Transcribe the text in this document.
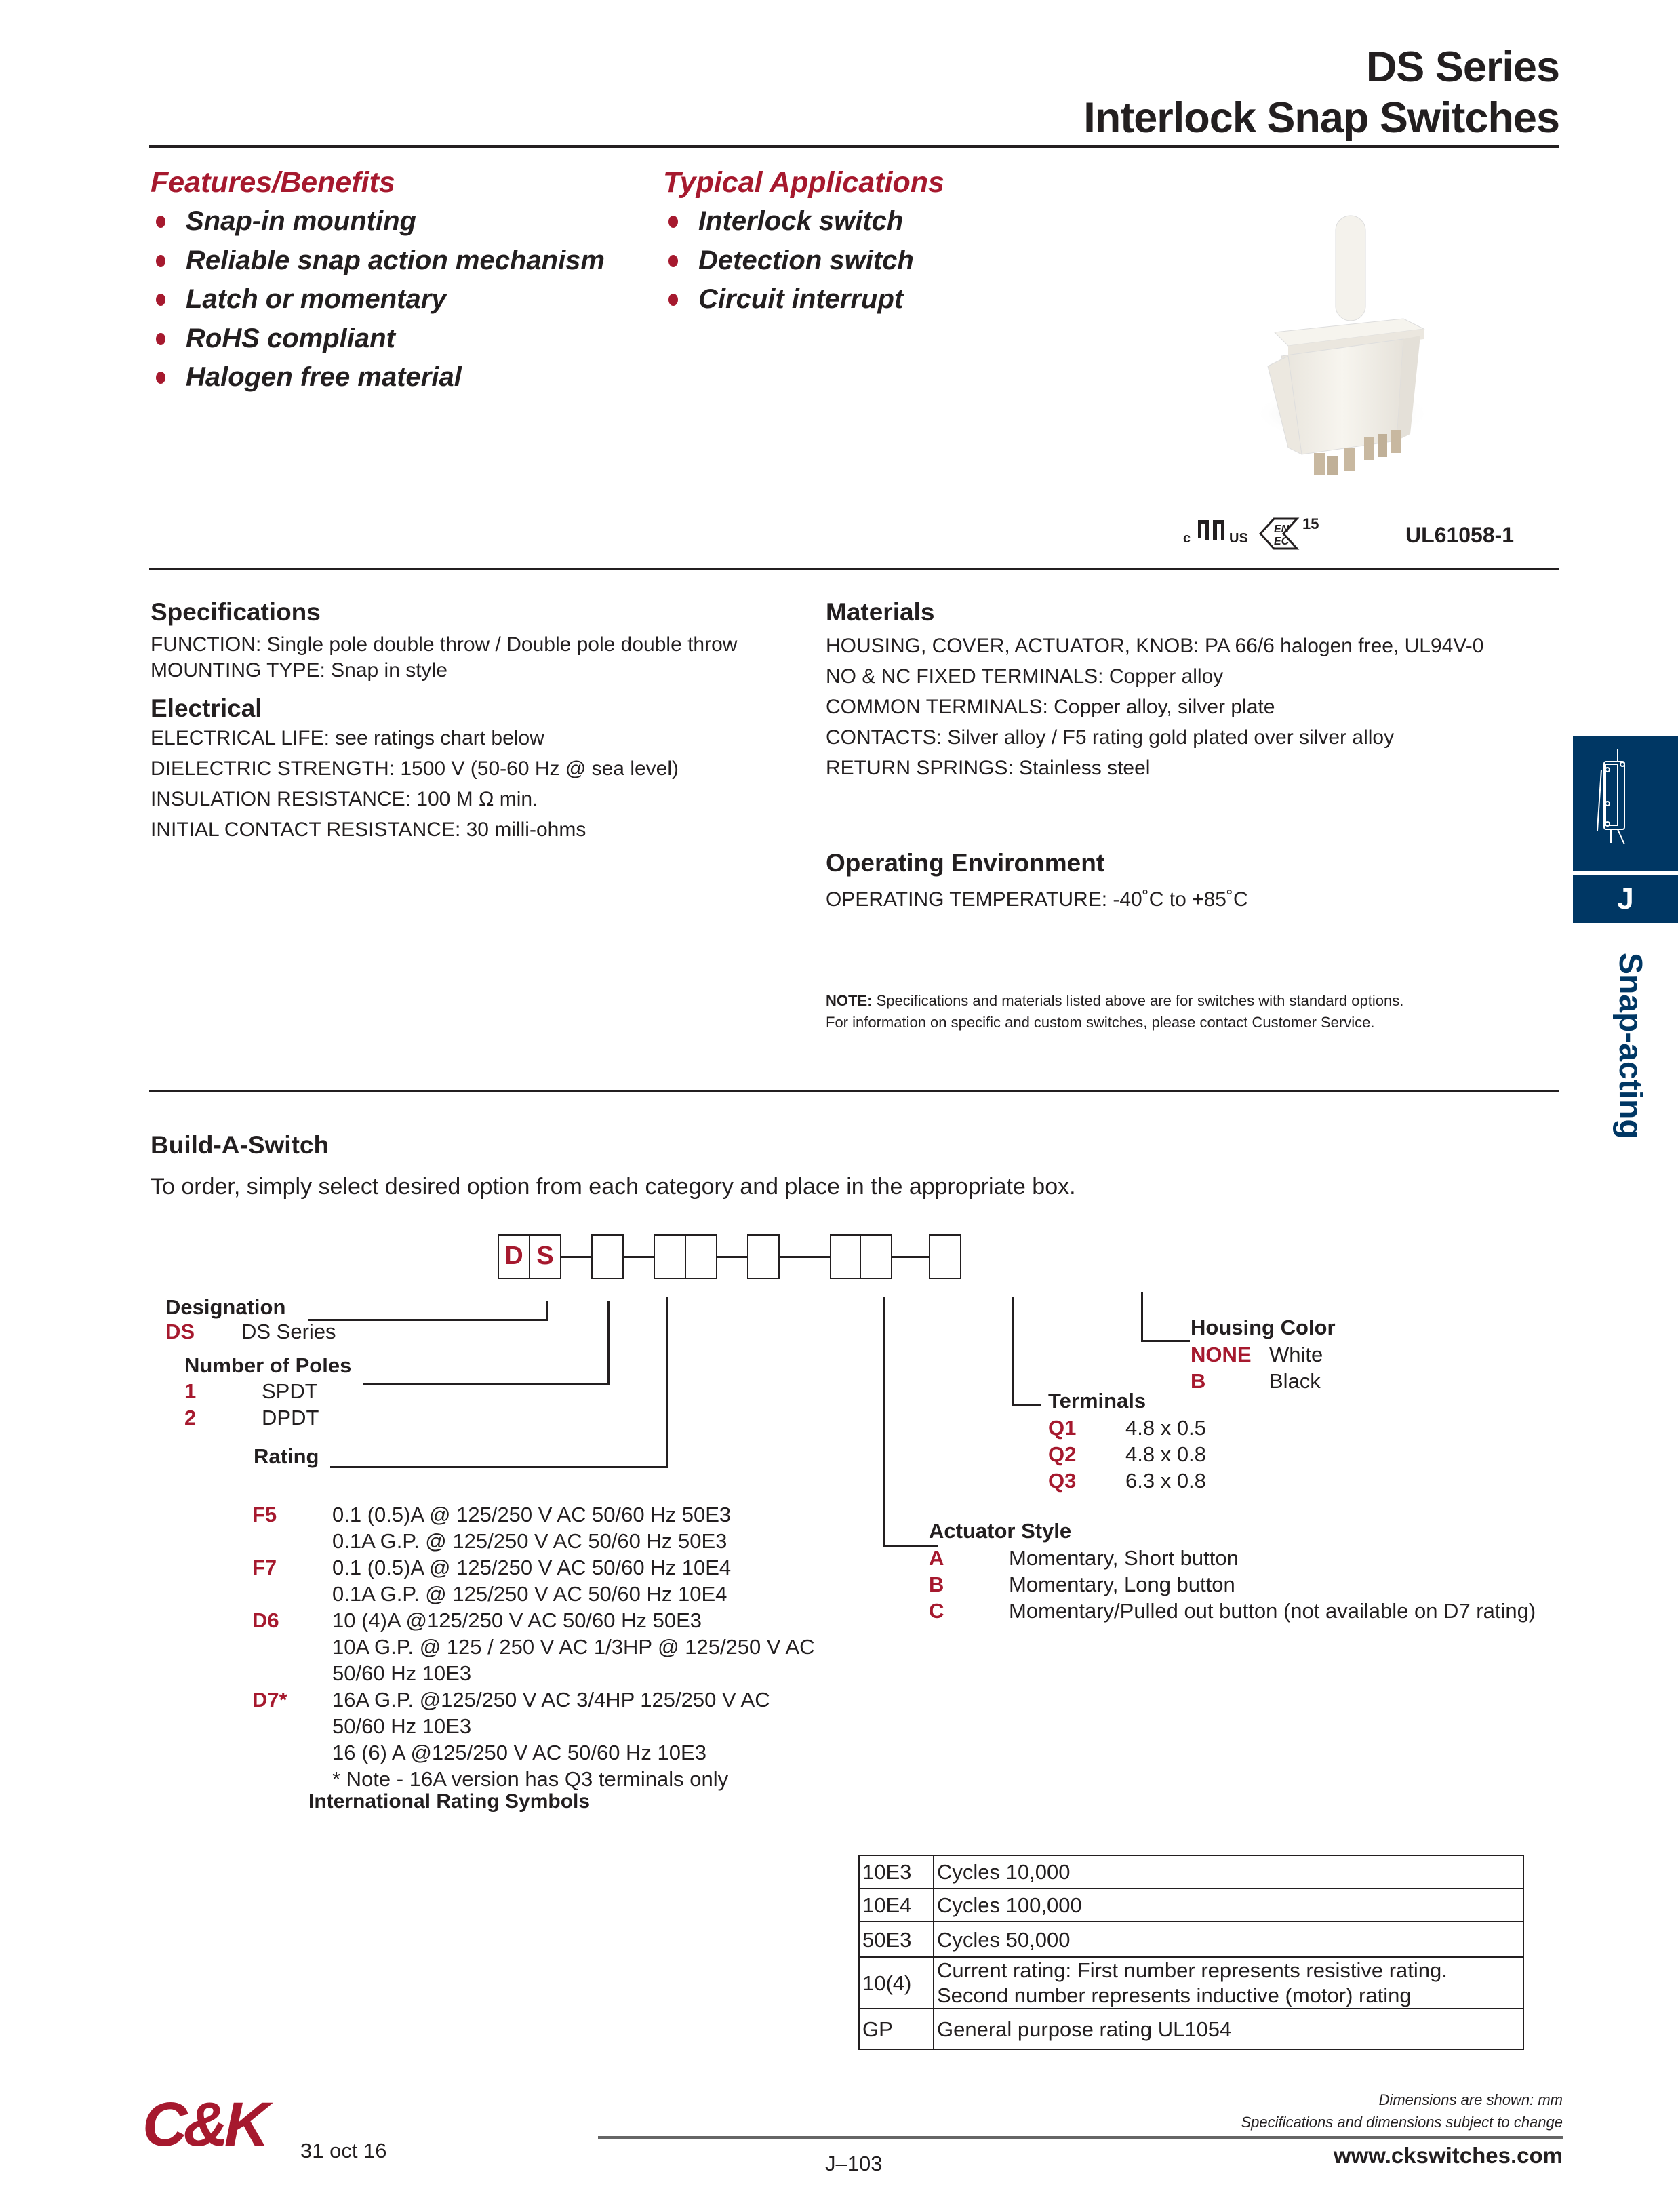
DS Series
Interlock Snap Switches
Features/Benefits
Snap-in mounting
Reliable snap action mechanism
Latch or momentary
RoHS compliant
Halogen free material
Typical Applications
Interlock switch
Detection switch
Circuit interrupt
c	US
EN
EC
15	UL61058-1
Specifications
FUNCTION: Single pole double throw / Double pole double throw
MOUNTING TYPE: Snap in style
Electrical
ELECTRICAL LIFE: see ratings chart below
DIELECTRIC STRENGTH: 1500 V (50-60 Hz @ sea level)
INSULATION RESISTANCE: 100 M Ω min.
INITIAL CONTACT RESISTANCE: 30 milli-ohms
Materials
HOUSING, COVER, ACTUATOR, KNOB: PA 66/6 halogen free, UL94V-0
NO & NC FIXED TERMINALS: Copper alloy
COMMON TERMINALS: Copper alloy, silver plate
CONTACTS: Silver alloy / F5 rating gold plated over silver alloy
RETURN SPRINGS: Stainless steel
Operating Environment
OPERATING TEMPERATURE: -40˚C to +85˚C
NOTE: Specifications and materials listed above are for switches with standard options.
For information on specific and custom switches, please contact Customer Service.
J
Snap-acting
Build-A-Switch
To order, simply select desired option from each category and place in the appropriate box.
D S
Designation
DS DS Series
Number of Poles
1	SPDT
2	DPDT
Rating
F5	0.1 (0.5)A @ 125/250 V AC 50/60 Hz 50E3
0.1A G.P. @ 125/250 V AC 50/60 Hz 50E3
F7	0.1 (0.5)A @ 125/250 V AC 50/60 Hz 10E4
0.1A G.P. @ 125/250 V AC 50/60 Hz 10E4
D6	10 (4)A @125/250 V AC 50/60 Hz 50E3
10A G.P. @ 125 / 250 V AC 1/3HP @ 125/250 V AC
50/60 Hz 10E3
D7* 16A G.P. @125/250 V AC 3/4HP 125/250 V AC
50/60 Hz 10E3
16 (6) A @125/250 V AC 50/60 Hz 10E3
* Note - 16A version has Q3 terminals only
International Rating Symbols
Actuator Style
A	Momentary, Short button
B	Momentary, Long button
C	Momentary/Pulled out button (not available on D7 rating)
Terminals
Q1 4.8 x 0.5
Q2 4.8 x 0.8
Q3 6.3 x 0.8
Housing Color
NONE White
B	Black
10E3	Cycles 10,000
10E4	Cycles 100,000
50E3	Cycles 50,000
10(4)	Current rating: First number represents resistive rating.
Second number represents inductive (motor) rating

GP	General purpose rating UL1054
C&K 31 oct 16
Dimensions are shown: mm
Specifications and dimensions subject to change
J–103	www.ckswitches.com
